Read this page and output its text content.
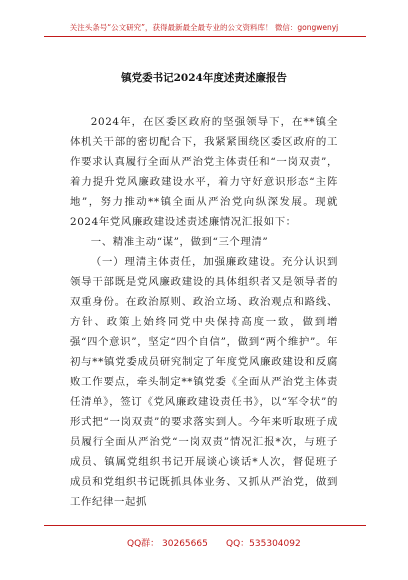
关注头条号“公文研究”，获得最新最全最专业的公文资料库！ 微信：gongwenyj
镇党委书记2024年度述责述廉报告

2024年，在区委区政府的坚强领导下，在**镇全体机关干部的密切配合下，我紧紧围绕区委区政府的工作要求认真履行全面从严治党主体责任和“一岗双责”，着力提升党风廉政建设水平，着力守好意识形态“主阵地”，努力推动**镇全面从严治党向纵深发展。现就2024年党风廉政建设述责述廉情况汇报如下：

一、精准主动“谋”，做到“三个理清”

（一）理清主体责任，加强廉政建设。充分认识到领导干部既是党风廉政建设的具体组织者又是领导者的双重身份。在政治原则、政治立场、政治观点和路线、方针、政策上始终同党中央保持高度一致，做到增强“四个意识”，坚定“四个自信”，做到“两个维护”。年初与**镇党委成员研究制定了年度党风廉政建设和反腐败工作要点，牵头制定**镇党委《全面从严治党主体责任清单》，签订《党风廉政建设责任书》，以“军令状”的形式把“一岗双责”的要求落实到人。今年来听取班子成员履行全面从严治党“一岗双责”情况汇报*次，与班子成员、镇属党组织书记开展谈心谈话*人次，督促班子成员和党组织书记既抓具体业务、又抓从严治党，做到工作纪律一起抓

QQ群： 30265665 QQ：535304092
